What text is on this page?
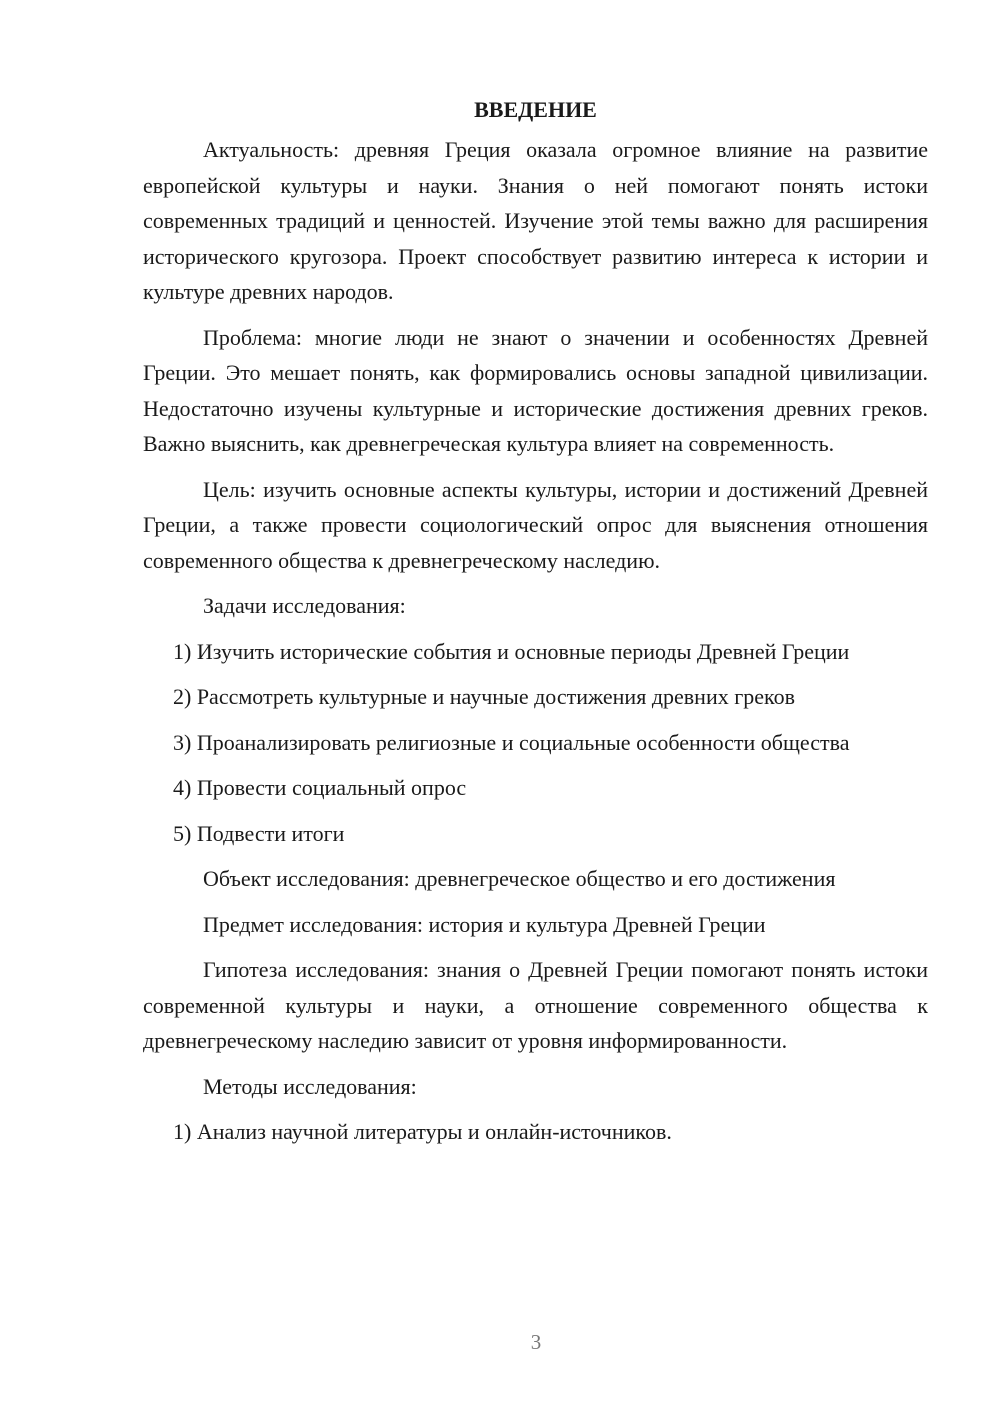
ВВЕДЕНИЕ

Актуальность: древняя Греция оказала огромное влияние на развитие европейской культуры и науки. Знания о ней помогают понять истоки современных традиций и ценностей. Изучение этой темы важно для расширения исторического кругозора. Проект способствует развитию интереса к истории и культуре древних народов.

Проблема: многие люди не знают о значении и особенностях Древней Греции. Это мешает понять, как формировались основы западной цивилизации. Недостаточно изучены культурные и исторические достижения древних греков. Важно выяснить, как древнегреческая культура влияет на современность.

Цель: изучить основные аспекты культуры, истории и достижений Древней Греции, а также провести социологический опрос для выяснения отношения современного общества к древнегреческому наследию.

Задачи исследования:

1) Изучить исторические события и основные периоды Древней Греции

2) Рассмотреть культурные и научные достижения древних греков

3) Проанализировать религиозные и социальные особенности общества

4) Провести социальный опрос

5) Подвести итоги

Объект исследования: древнегреческое общество и его достижения

Предмет исследования: история и культура Древней Греции

Гипотеза исследования: знания о Древней Греции помогают понять истоки современной культуры и науки, а отношение современного общества к древнегреческому наследию зависит от уровня информированности.

Методы исследования:

1) Анализ научной литературы и онлайн-источников.

3
